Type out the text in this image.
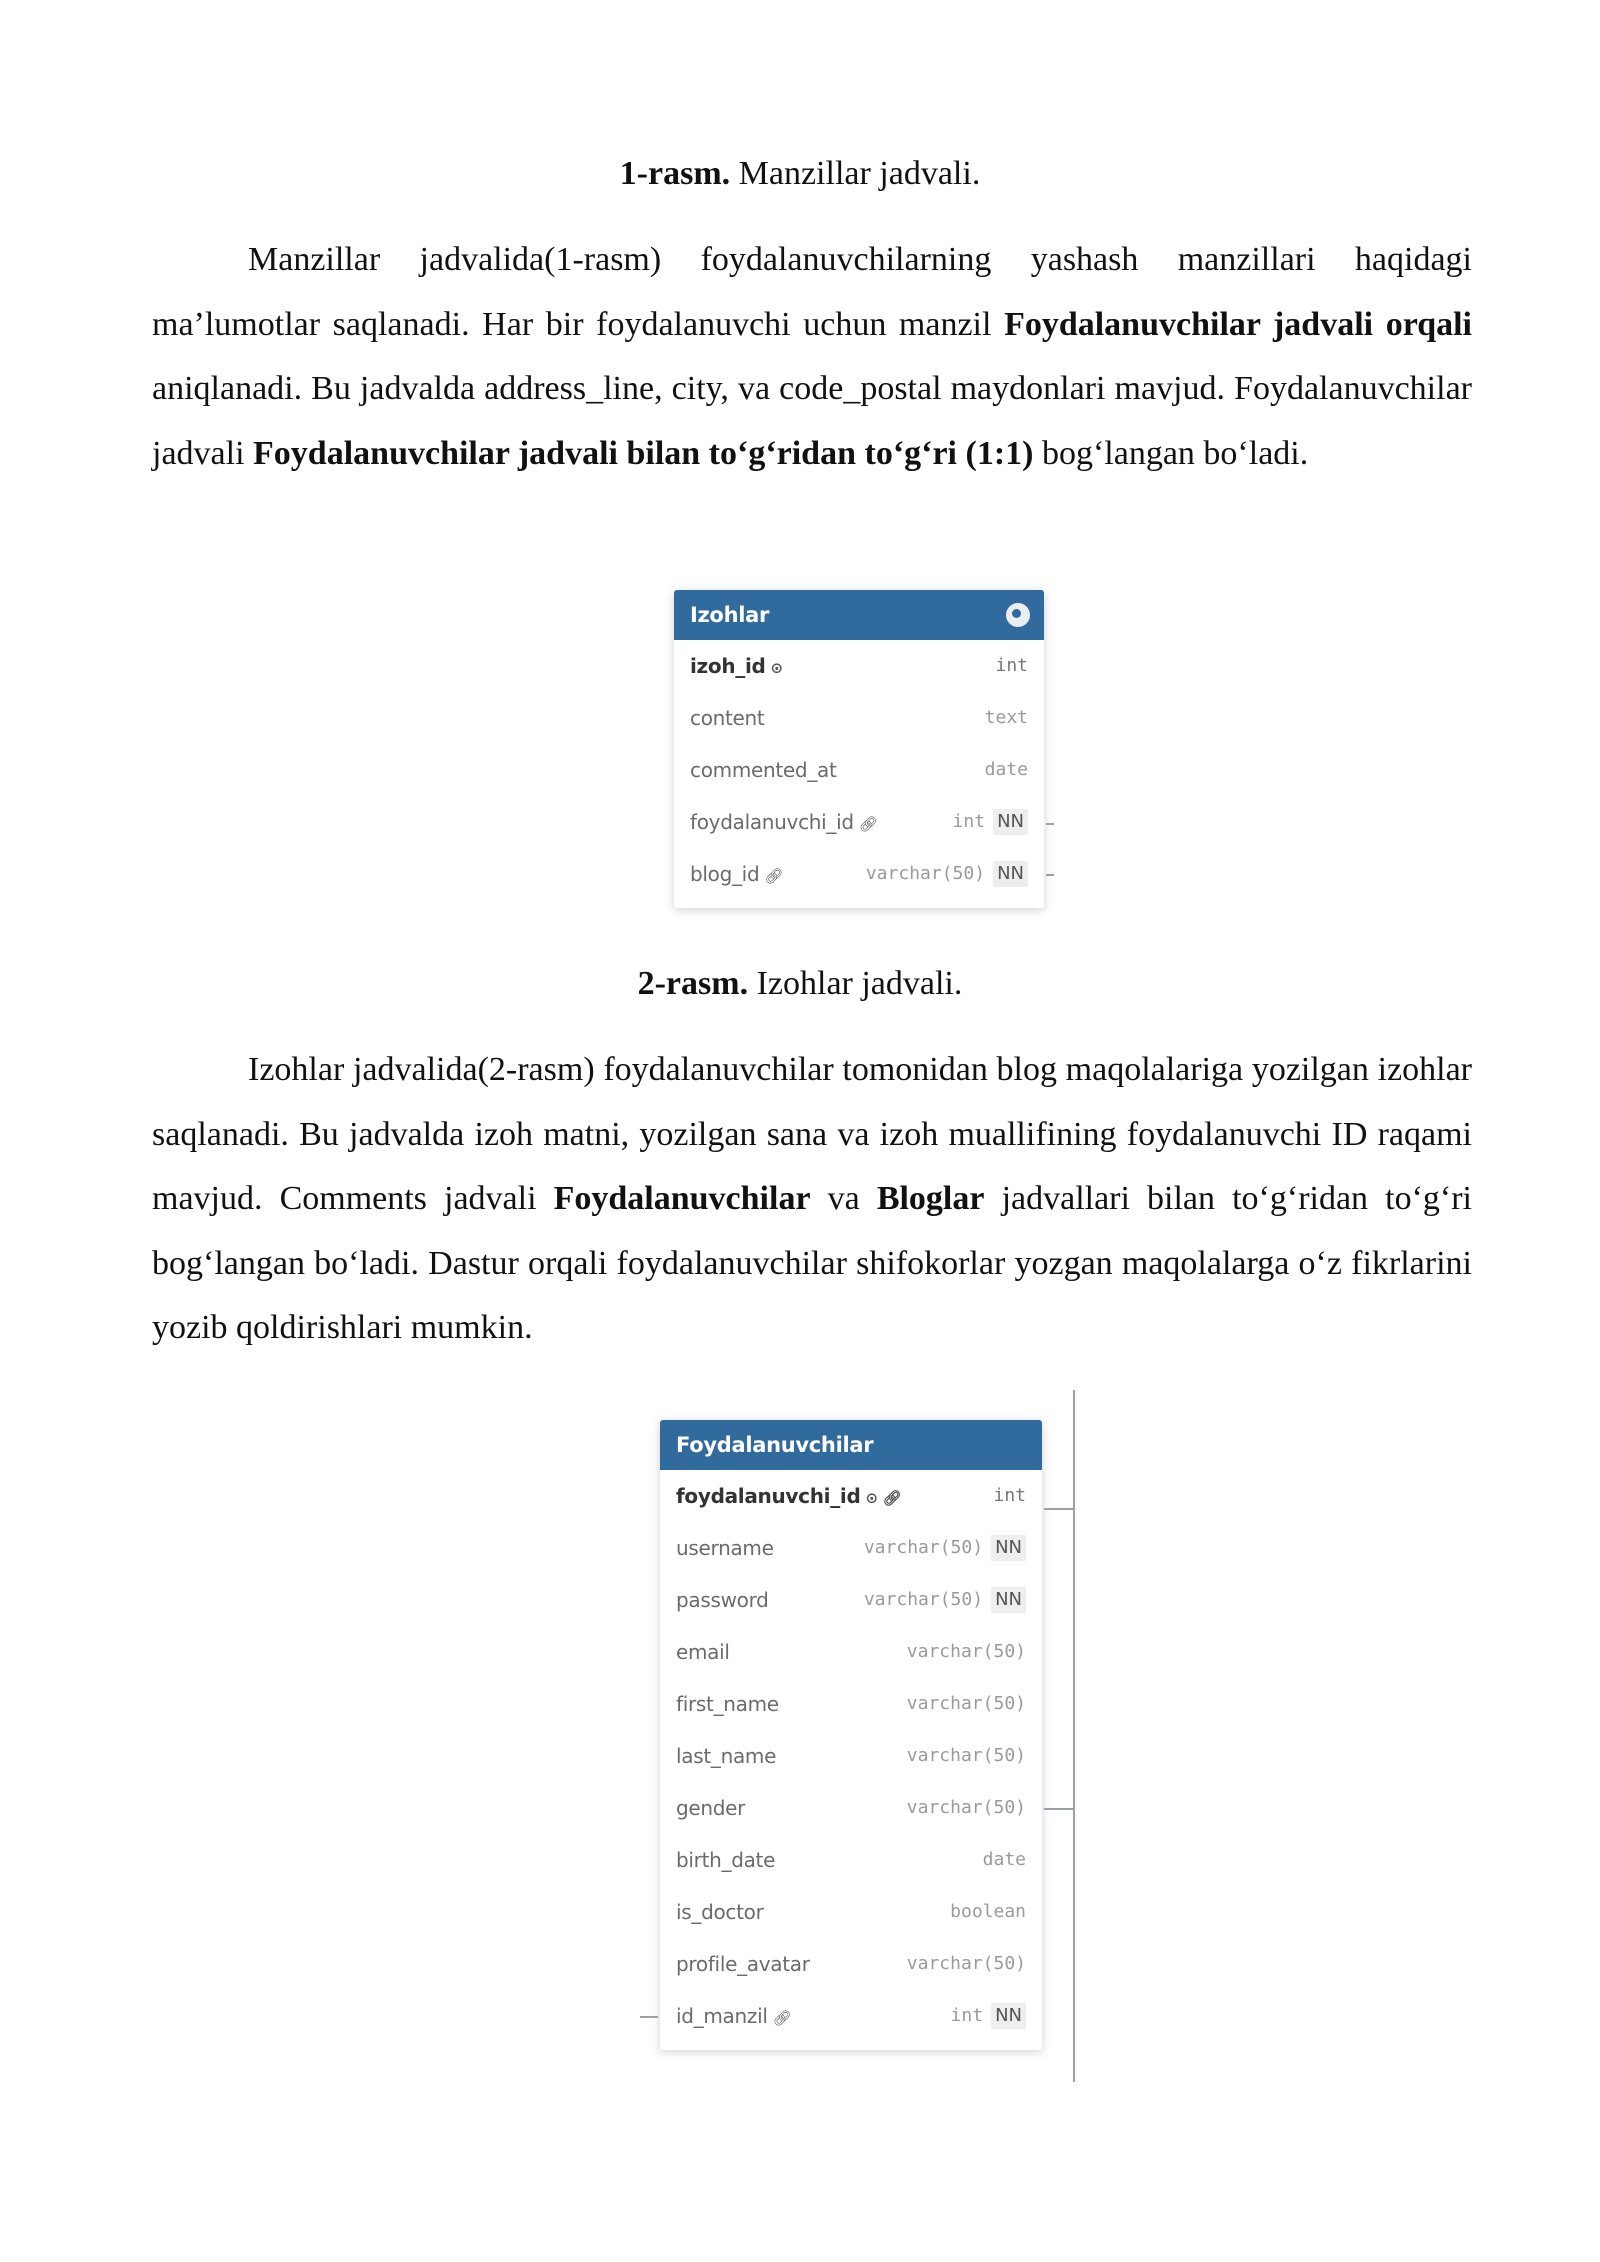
1-rasm. Manzillar jadvali.
Manzillar jadvalida(1-rasm) foydalanuvchilarning yashash manzillari haqidagi ma’lumotlar saqlanadi. Har bir foydalanuvchi uchun manzil Foydalanuvchilar jadvali orqali aniqlanadi. Bu jadvalda address_line, city, va code_postal maydonlari mavjud. Foydalanuvchilar jadvali Foydalanuvchilar jadvali bilan to‘g‘ridan to‘g‘ri (1:1) bog‘langan bo‘ladi.
Izohlar
izoh_id ⊙	int
content	text
commented_at	date
foydalanuvchi_id 🔗︎	int NN
blog_id 🔗︎	varchar(50) NN
2-rasm. Izohlar jadvali.
Izohlar jadvalida(2-rasm) foydalanuvchilar tomonidan blog maqolalariga yozilgan izohlar saqlanadi. Bu jadvalda izoh matni, yozilgan sana va izoh muallifining foydalanuvchi ID raqami mavjud. Comments jadvali Foydalanuvchilar va Bloglar jadvallari bilan to‘g‘ridan to‘g‘ri bog‘langan bo‘ladi. Dastur orqali foydalanuvchilar shifokorlar yozgan maqolalarga o‘z fikrlarini yozib qoldirishlari mumkin.
Foydalanuvchilar
foydalanuvchi_id ⊙ 🔗︎	int
username	varchar(50) NN
password	varchar(50) NN
email	varchar(50)
first_name	varchar(50)
last_name	varchar(50)
gender	varchar(50)
birth_date	date
is_doctor	boolean
profile_avatar	varchar(50)
id_manzil 🔗︎	int NN
